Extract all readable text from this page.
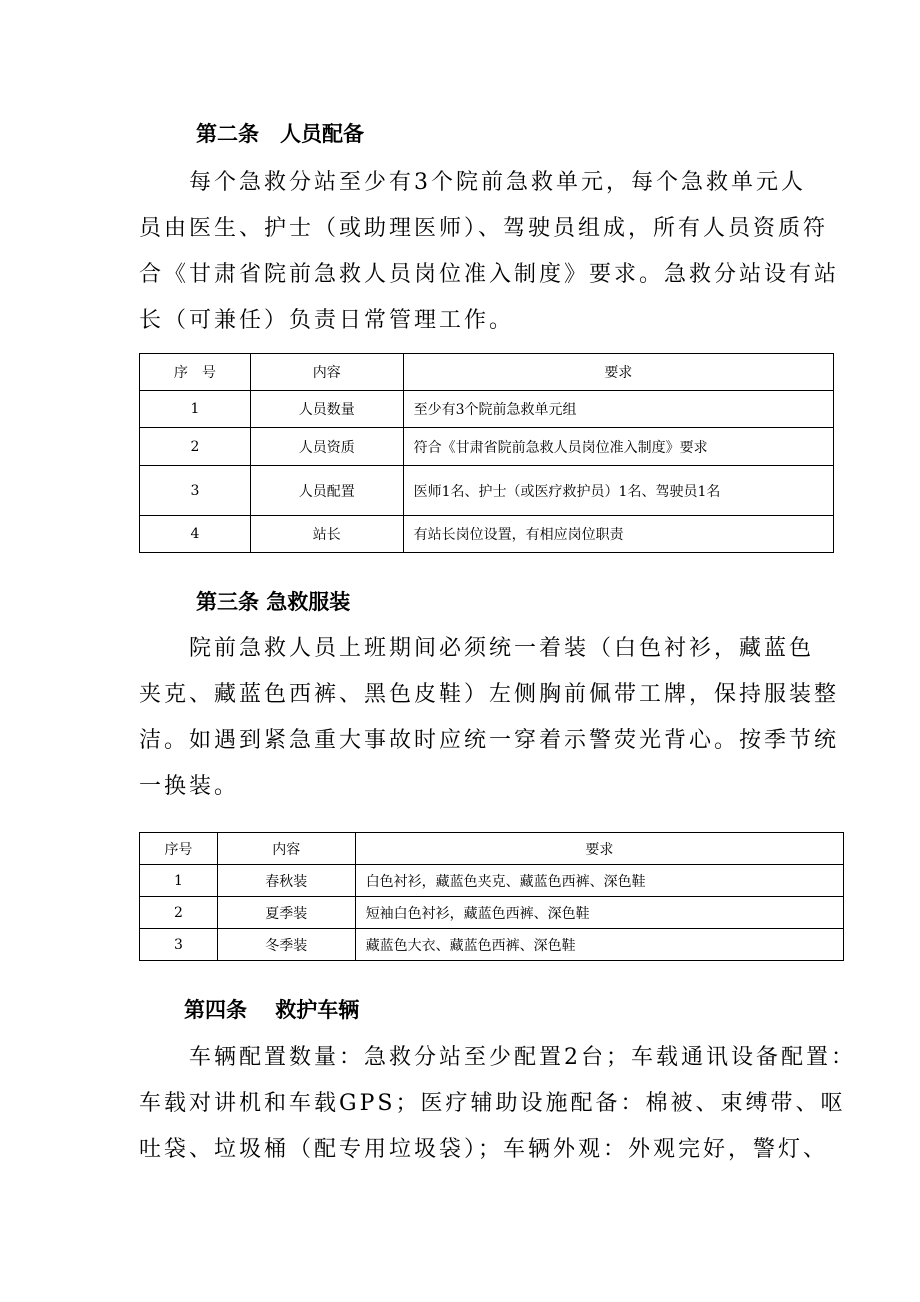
第二条　人员配备
　　每个急救分站至少有3个院前急救单元，每个急救单元人
员由医生、护士（或助理医师）、驾驶员组成，所有人员资质符
合《甘肃省院前急救人员岗位准入制度》要求。急救分站设有站
长（可兼任）负责日常管理工作。
序　号	内容	要求
1	人员数量	至少有3个院前急救单元组
2	人员资质	符合《甘肃省院前急救人员岗位准入制度》要求
3	人员配置	医师1名、护士（或医疗救护员）1名、驾驶员1名
4	站长	有站长岗位设置，有相应岗位职责
第三条 急救服装
　　院前急救人员上班期间必须统一着装（白色衬衫，藏蓝色
夹克、藏蓝色西裤、黑色皮鞋）左侧胸前佩带工牌，保持服装整
洁。如遇到紧急重大事故时应统一穿着示警荧光背心。按季节统
一换装。
序号	内容	要求
1	春秋装	白色衬衫，藏蓝色夹克、藏蓝色西裤、深色鞋
2	夏季装	短袖白色衬衫，藏蓝色西裤、深色鞋
3	冬季装	藏蓝色大衣、藏蓝色西裤、深色鞋
第四条　 救护车辆
　　车辆配置数量：急救分站至少配置2台；车载通讯设备配置：
车载对讲机和车载GPS；医疗辅助设施配备：棉被、束缚带、呕
吐袋、垃圾桶（配专用垃圾袋）；车辆外观：外观完好，警灯、
